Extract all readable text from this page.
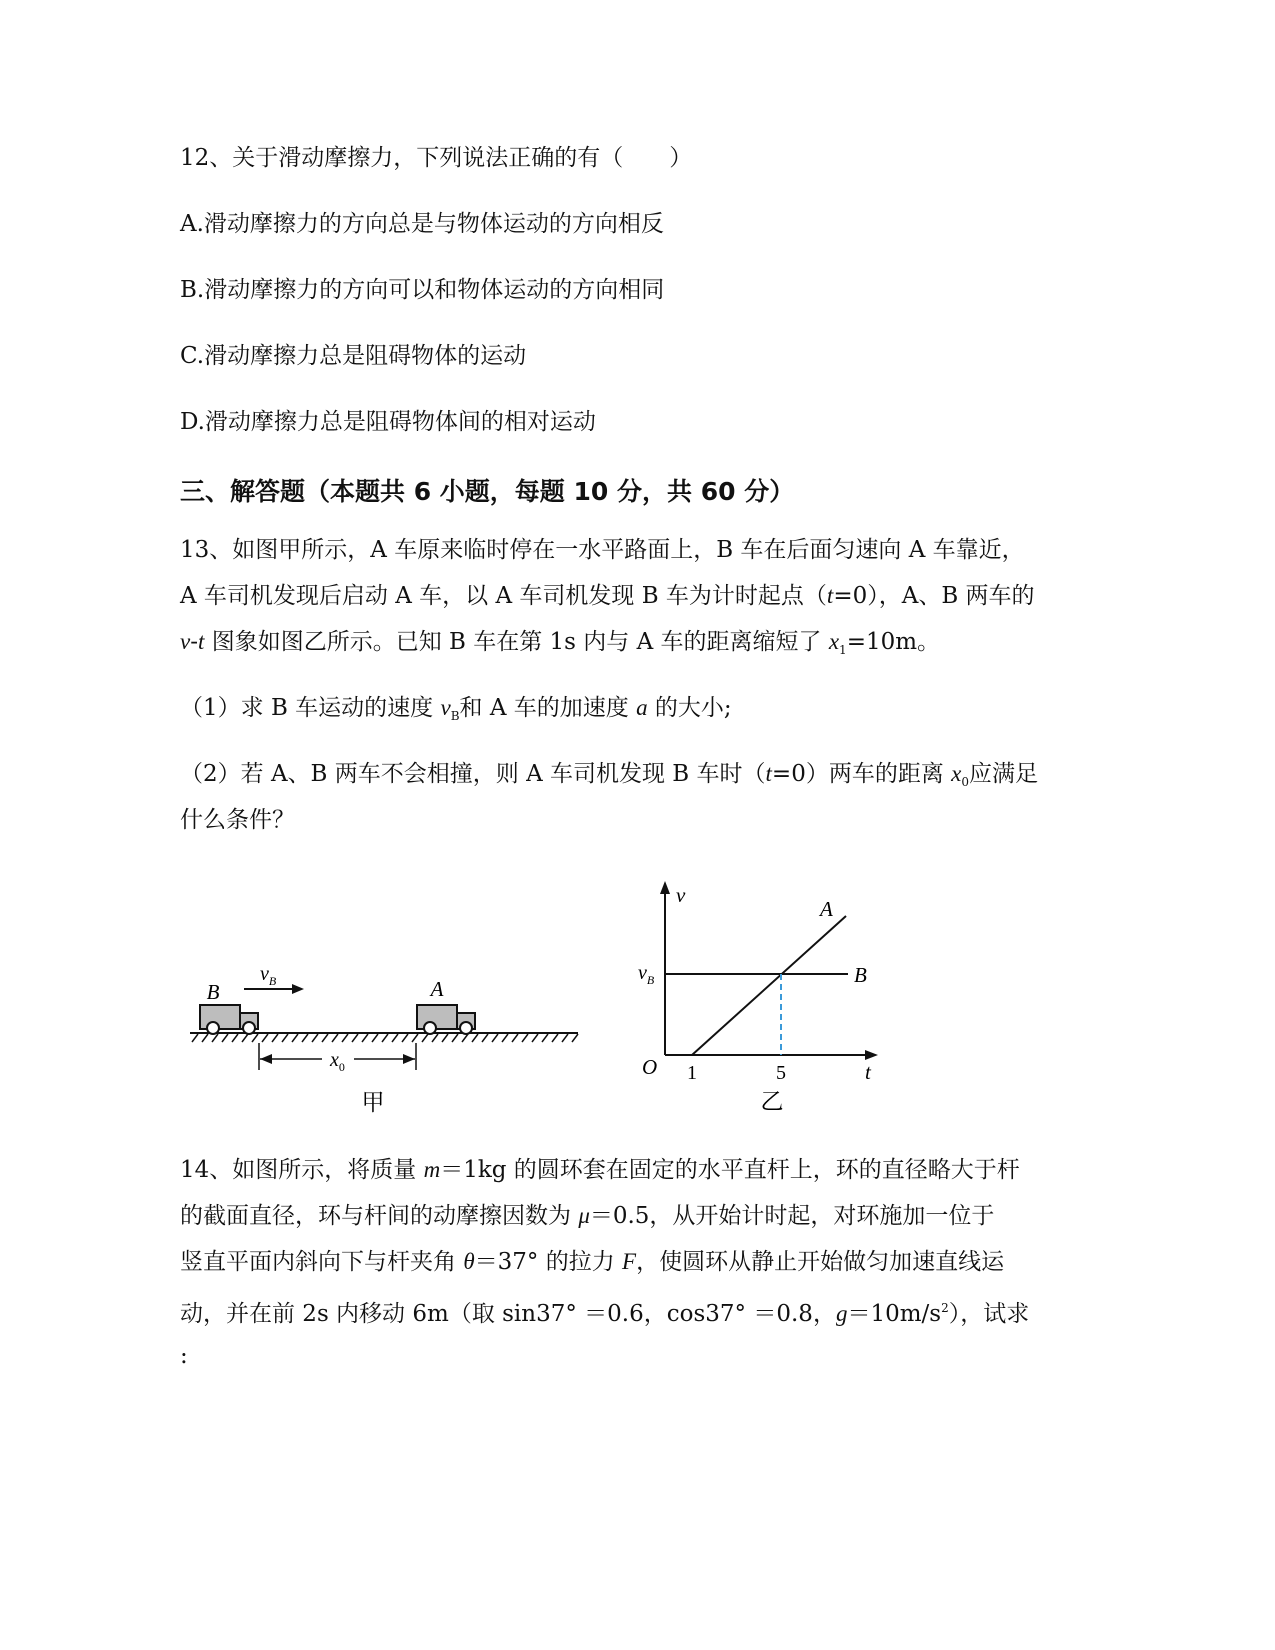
12、关于滑动摩擦力，下列说法正确的有（　　）
A.滑动摩擦力的方向总是与物体运动的方向相反
B.滑动摩擦力的方向可以和物体运动的方向相同
C.滑动摩擦力总是阻碍物体的运动
D.滑动摩擦力总是阻碍物体间的相对运动
三、解答题（本题共 6 小题，每题 10 分，共 60 分）
13、如图甲所示，A 车原来临时停在一水平路面上，B 车在后面匀速向 A 车靠近，
A 车司机发现后启动 A 车，以 A 车司机发现 B 车为计时起点（t=0），A、B 两车的
v-t 图象如图乙所示。已知 B 车在第 1s 内与 A 车的距离缩短了 $x_1=10m$。
（1）求 B 车运动的速度 $v_B$和 A 车的加速度 a 的大小;
（2）若 A、B 两车不会相撞，则 A 车司机发现 B 车时（t=0）两车的距离 $x_0$应满足
什么条件？
B
$v_B$	A
$x_0$
甲
v
t
O
$v_B$	B
A
1	5
乙
14、如图所示，将质量 m＝1kg 的圆环套在固定的水平直杆上，环的直径略大于杆
的截面直径，环与杆间的动摩擦因数为 μ＝0.5，从开始计时起，对环施加一位于
竖直平面内斜向下与杆夹角 θ＝37° 的拉力 F，使圆环从静止开始做匀加速直线运
动，并在前 2s 内移动 6m（取 sin37° ＝0.6，cos37° ＝0.8，$g=10m/s^2$），试求
:
